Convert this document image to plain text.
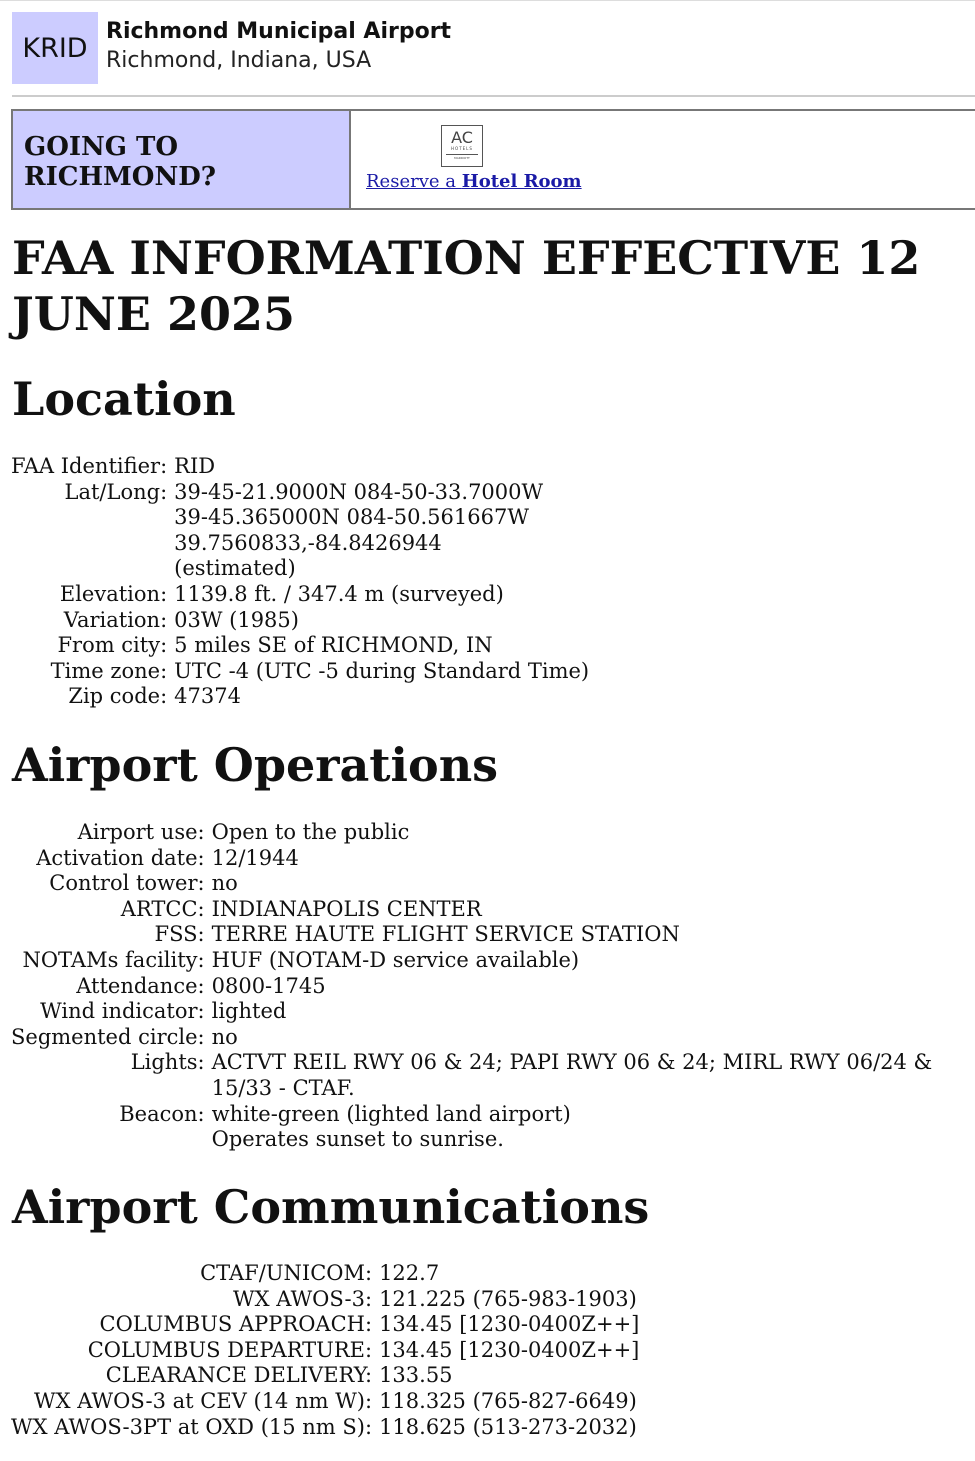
KRID
Richmond Municipal Airport
Richmond, Indiana, USA
GOING TO RICHMOND?
AC
HOTELS
MARRIOTT
Reserve a Hotel Room
FAA INFORMATION EFFECTIVE 12 JUNE 2025
Location
FAA Identifier:	RID
Lat/Long:	39-45-21.9000N 084-50-33.7000W
39-45.365000N 084-50.561667W
39.7560833,-84.8426944
(estimated)

Elevation:	1139.8 ft. / 347.4 m (surveyed)
Variation:	03W (1985)
From city:	5 miles SE of RICHMOND, IN
Time zone:	UTC -4 (UTC -5 during Standard Time)
Zip code:	47374
Airport Operations
Airport use:	Open to the public
Activation date:	12/1944
Control tower:	no
ARTCC:	INDIANAPOLIS CENTER
FSS:	TERRE HAUTE FLIGHT SERVICE STATION
NOTAMs facility:	HUF (NOTAM-D service available)
Attendance:	0800-1745
Wind indicator:	lighted
Segmented circle:	no
Lights:	ACTVT REIL RWY 06 & 24; PAPI RWY 06 & 24; MIRL RWY 06/24 & 15/33 - CTAF.
Beacon:	white-green (lighted land airport)
Operates sunset to sunrise.
Airport Communications
CTAF/UNICOM:	122.7
WX AWOS-3:	121.225 (765-983-1903)
COLUMBUS APPROACH:	134.45 [1230-0400Z++]
COLUMBUS DEPARTURE:	134.45 [1230-0400Z++]
CLEARANCE DELIVERY:	133.55
WX AWOS-3 at CEV (14 nm W):	118.325 (765-827-6649)
WX AWOS-3PT at OXD (15 nm S):	118.625 (513-273-2032)
